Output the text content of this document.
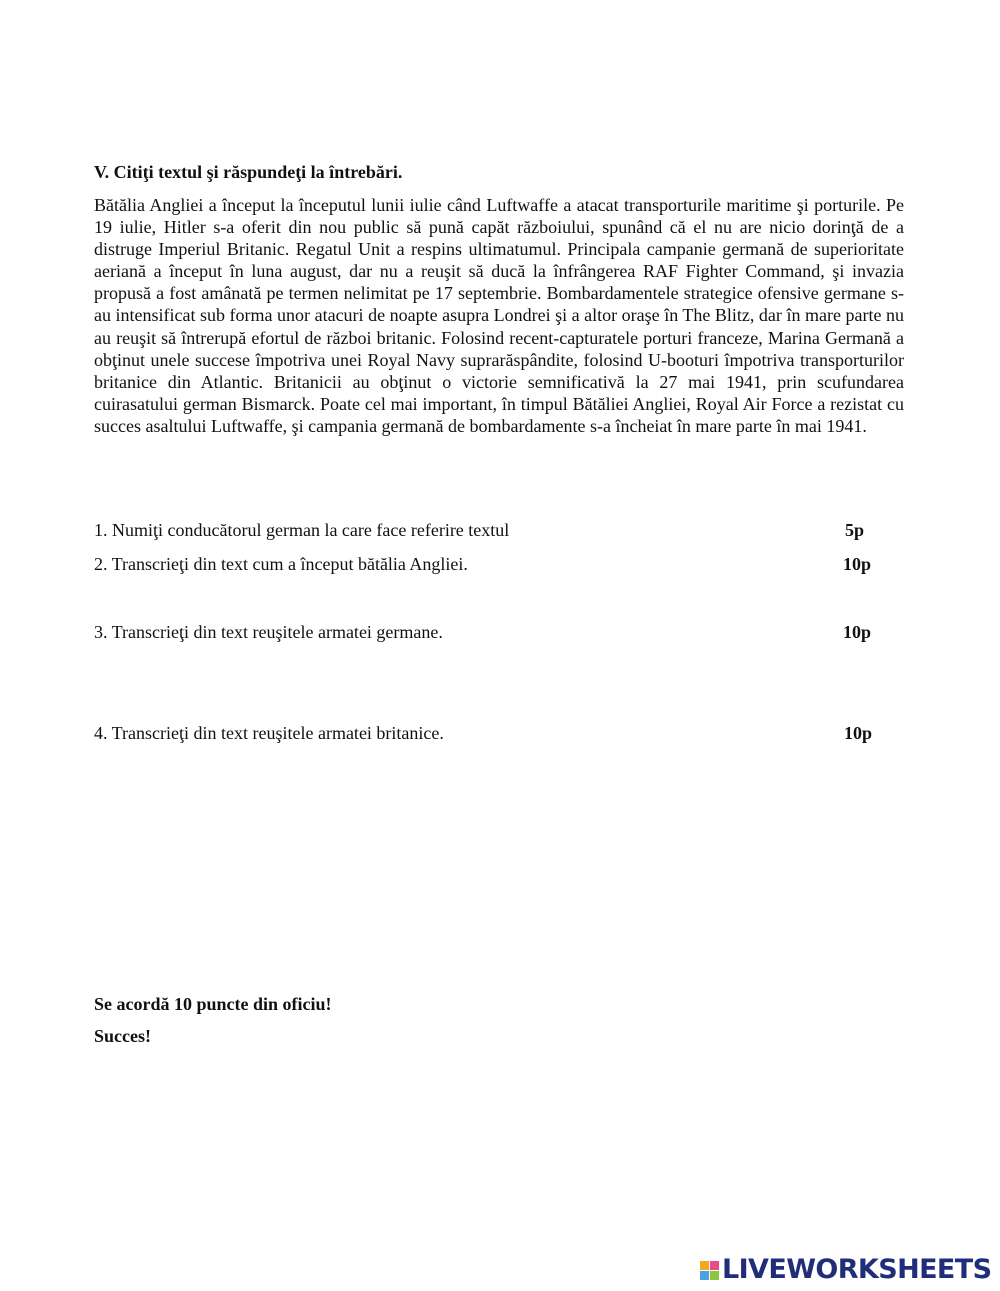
V. Citiţi textul şi răspundeţi la întrebări.

Bătălia Angliei a început la începutul lunii iulie când Luftwaffe a atacat transporturile maritime şi porturile. Pe 19 iulie, Hitler s-a oferit din nou public să pună capăt războiului, spunând că el nu are nicio dorinţă de a distruge Imperiul Britanic. Regatul Unit a respins ultimatumul. Principala campanie germană de superioritate aeriană a început în luna august, dar nu a reuşit să ducă la înfrângerea RAF Fighter Command, şi invazia propusă a fost amânată pe termen nelimitat pe 17 septembrie. Bombardamentele strategice ofensive germane s-au intensificat sub forma unor atacuri de noapte asupra Londrei şi a altor oraşe în The Blitz, dar în mare parte nu au reuşit să întrerupă efortul de război britanic. Folosind recent-capturatele porturi franceze, Marina Germană a obţinut unele succese împotriva unei Royal Navy suprarăspândite, folosind U-booturi împotriva transporturilor britanice din Atlantic. Britanicii au obţinut o victorie semnificativă la 27 mai 1941, prin scufundarea cuirasatului german Bismarck. Poate cel mai important, în timpul Bătăliei Angliei, Royal Air Force a rezistat cu succes asaltului Luftwaffe, şi campania germană de bombardamente s-a încheiat în mare parte în mai 1941.

1. Numiţi conducătorul german la care face referire textul	5p
2. Transcrieţi din text cum a început bătălia Angliei.	10p
3. Transcrieţi din text reuşitele armatei germane.	10p
4. Transcrieţi din text reuşitele armatei britanice.	10p

Se acordă 10 puncte din oficiu!

Succes!

LIVEWORKSHEETS
